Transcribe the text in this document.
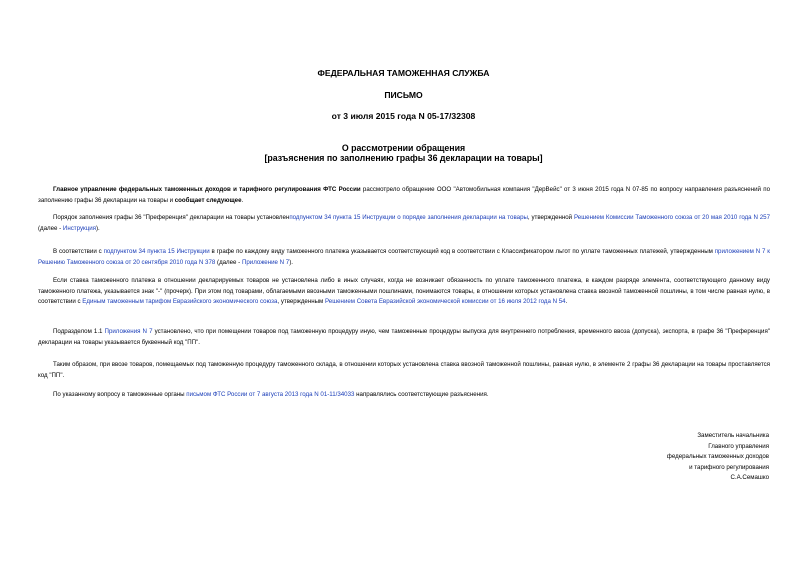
ФЕДЕРАЛЬНАЯ ТАМОЖЕННАЯ СЛУЖБА
ПИСЬМО
от 3 июля 2015 года N 05-17/32308
О рассмотрении обращения
[разъяснения по заполнению графы 36 декларации на товары]

Главное управление федеральных таможенных доходов и тарифного регулирования ФТС России рассмотрело обращение ООО "Автомобильная компания "ДерВейс" от 3 июня 2015 года N 07-85 по вопросу направления разъяснений по заполнению графы 36 декларации на товары и сообщает следующее.

Порядок заполнения графы 36 "Преференция" декларации на товары установленподпунктом 34 пункта 15 Инструкции о порядке заполнения декларации на товары, утвержденной Решением Комиссии Таможенного союза от 20 мая 2010 года N 257 (далее - Инструкция).

В соответствии с подпунктом 34 пункта 15 Инструкции в графе по каждому виду таможенного платежа указывается соответствующий код в соответствии с Классификатором льгот по уплате таможенных платежей, утвержденным приложением N 7 к Решению Таможенного союза от 20 сентября 2010 года N 378 (далее - Приложение N 7).

Если ставка таможенного платежа в отношении декларируемых товаров не установлена либо в иных случаях, когда не возникает обязанность по уплате таможенного платежа, в каждом разряде элемента, соответствующего данному виду таможенного платежа, указывается знак "-" (прочерк). При этом под товарами, облагаемыми ввозными таможенными пошлинами, понимаются товары, в отношении которых установлена ставка ввозной таможенной пошлины, в том числе равная нулю, в соответствии с Единым таможенным тарифом Евразийского экономического союза, утвержденным Решением Совета Евразийской экономической комиссии от 16 июля 2012 года N 54.

Подразделом 1.1 Приложения N 7 установлено, что при помещении товаров под таможенную процедуру иную, чем таможенные процедуры выпуска для внутреннего потребления, временного ввоза (допуска), экспорта, в графе 36 "Преференция" декларации на товары указывается буквенный код "ПП".

Таким образом, при ввозе товаров, помещаемых под таможенную процедуру таможенного склада, в отношении которых установлена ставка ввозной таможенной пошлины, равная нулю, в элементе 2 графы 36 декларации на товары проставляется код "ПП".

По указанному вопросу в таможенные органы письмом ФТС России от 7 августа 2013 года N 01-11/34033 направлялись соответствующие разъяснения.

Заместитель начальника
Главного управления
федеральных таможенных доходов
и тарифного регулирования
С.А.Семашко
